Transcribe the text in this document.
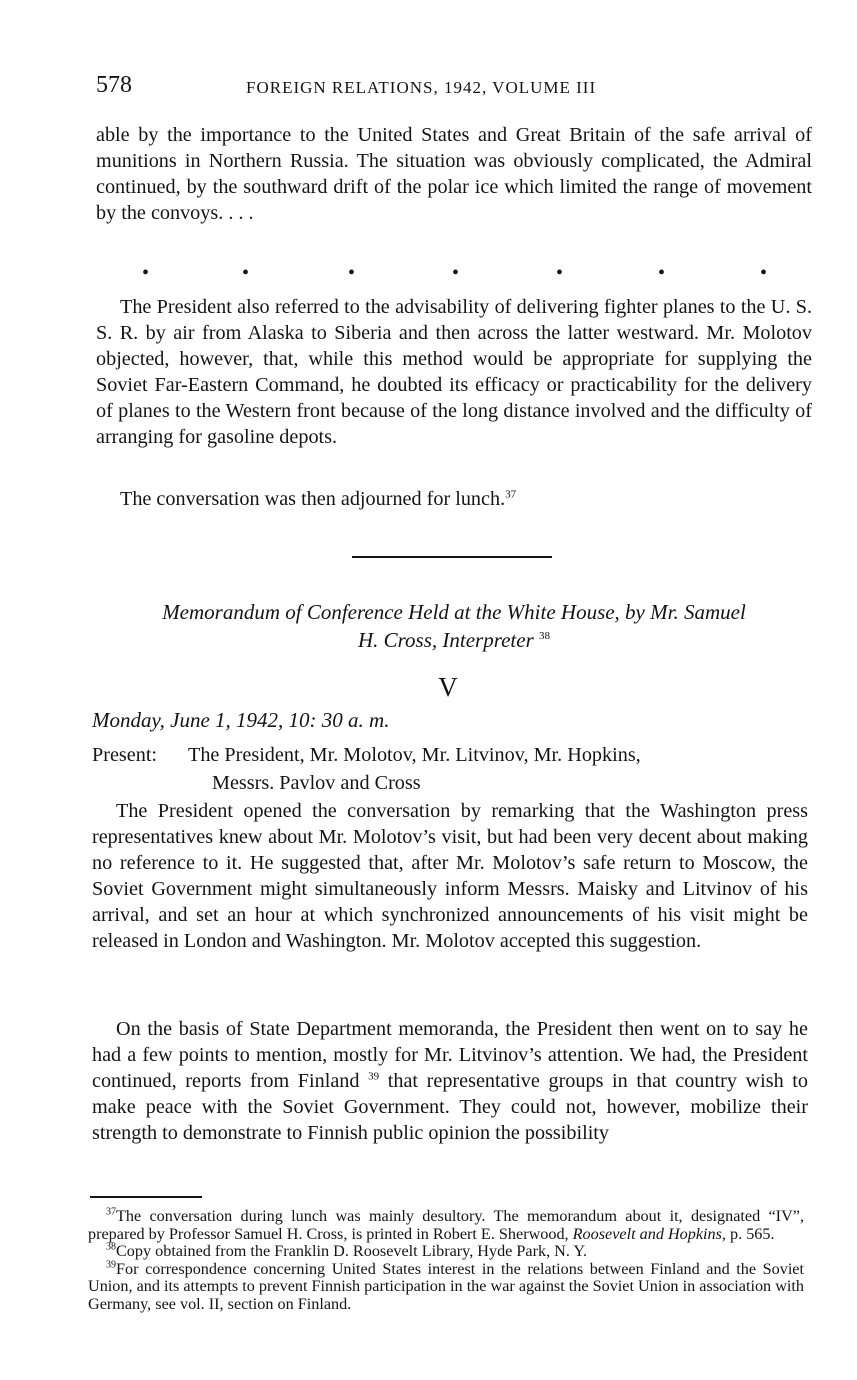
578	FOREIGN RELATIONS, 1942, VOLUME III
able by the importance to the United States and Great Britain of the safe arrival of munitions in Northern Russia. The situation was obviously complicated, the Admiral continued, by the southward drift of the polar ice which limited the range of movement by the convoys. . . .
•	•	•	•	•	•	•
The President also referred to the advisability of delivering fighter planes to the U. S. S. R. by air from Alaska to Siberia and then across the latter westward. Mr. Molotov objected, however, that, while this method would be appropriate for supplying the Soviet Far-Eastern Command, he doubted its efficacy or practicability for the delivery of planes to the Western front because of the long distance involved and the difficulty of arranging for gasoline depots.
The conversation was then adjourned for lunch.$^{37}$
Memorandum of Conference Held at the White House, by Mr. Samuel
H. Cross, Interpreter $^{38}$
V
Monday, June 1, 1942, 10: 30 a. m.
Present: The President, Mr. Molotov, Mr. Litvinov, Mr. Hopkins,
Messrs. Pavlov and Cross
The President opened the conversation by remarking that the Washington press representatives knew about Mr. Molotov’s visit, but had been very decent about making no reference to it. He suggested that, after Mr. Molotov’s safe return to Moscow, the Soviet Government might simultaneously inform Messrs. Maisky and Litvinov of his arrival, and set an hour at which synchronized announcements of his visit might be released in London and Washington. Mr. Molotov accepted this suggestion.
On the basis of State Department memoranda, the President then went on to say he had a few points to mention, mostly for Mr. Litvinov’s attention. We had, the President continued, reports from Finland $^{39}$ that representative groups in that country wish to make peace with the Soviet Government. They could not, however, mobilize their strength to demonstrate to Finnish public opinion the possibility

$^{37}$The conversation during lunch was mainly desultory. The memorandum about it, designated “IV”, prepared by Professor Samuel H. Cross, is printed in Robert E. Sherwood, Roosevelt and Hopkins, p. 565.

$^{38}$Copy obtained from the Franklin D. Roosevelt Library, Hyde Park, N. Y.

$^{39}$For correspondence concerning United States interest in the relations between Finland and the Soviet Union, and its attempts to prevent Finnish participation in the war against the Soviet Union in association with Germany, see vol. II, section on Finland.
